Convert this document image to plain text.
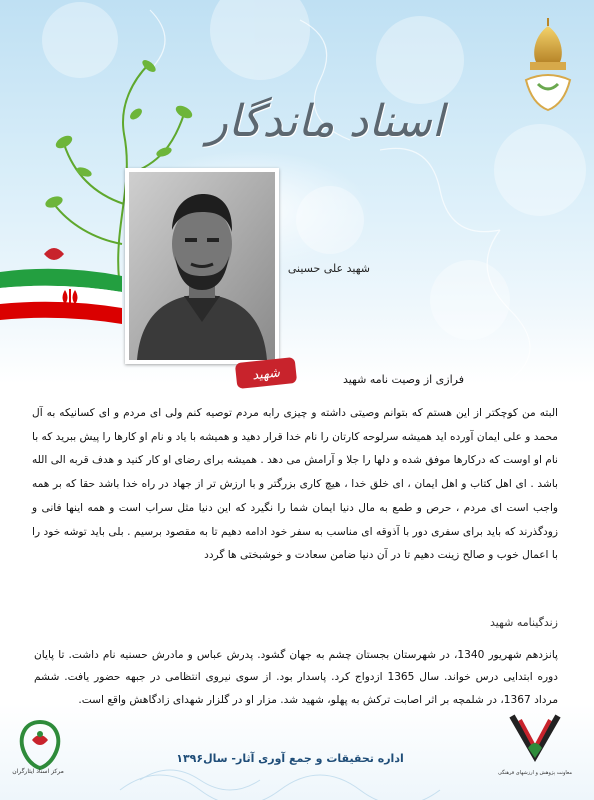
اسناد ماندگار
شهید
شهید علی حسینی
فرازی از وصیت نامه شهید

البته من کوچکتر از این هستم که بتوانم وصیتی داشته و چیزی رابه مردم توصیه کنم ولی ای مردم و ای کسانیکه به آل محمد و علی ایمان آورده اید همیشه سرلوحه کارتان را نام خدا قرار دهید و همیشه با یاد و نام او کارها را پیش ببرید که با نام او اوست که درکارها موفق شده و دلها را جلا و آرامش می دهد . همیشه برای رضای او کار کنید و هدف قربه الی الله باشد . ای اهل کتاب و اهل ایمان ، ای خلق خدا ، هیچ کاری بزرگتر و با ارزش تر از جهاد در راه خدا باشد حقا که بر همه واجب است ای مردم ، حرص و طمع به مال دنیا ایمان شما را نگیرد که این دنیا مثل سراب است و همه اینها فانی و زودگذرند که باید برای سفری دور با آذوقه ای مناسب به سفر خود ادامه دهیم تا به مقصود برسیم . بلی باید توشه خود را با اعمال خوب و صالح زینت دهیم تا در آن دنیا ضامن سعادت و خوشبختی ها گردد

زندگینامه شهید

پانزدهم شهریور 1340، در شهرستان بجستان چشم به جهان گشود. پدرش عباس و مادرش حسنیه نام داشت. تا پایان دوره ابتدایی درس خواند. سال 1365 ازدواج کرد. پاسدار بود. از سوی نیروی انتظامی در جبهه حضور یافت. ششم مرداد 1367، در شلمچه بر اثر اصابت ترکش به پهلو، شهید شد. مزار او در گلزار شهدای زادگاهش واقع است.

مرکز اسناد ایثارگران
اداره تحقیقات و جمع آوری آثار- سال۱۳۹۶
معاونت پژوهش و ارزشهای فرهنگی
